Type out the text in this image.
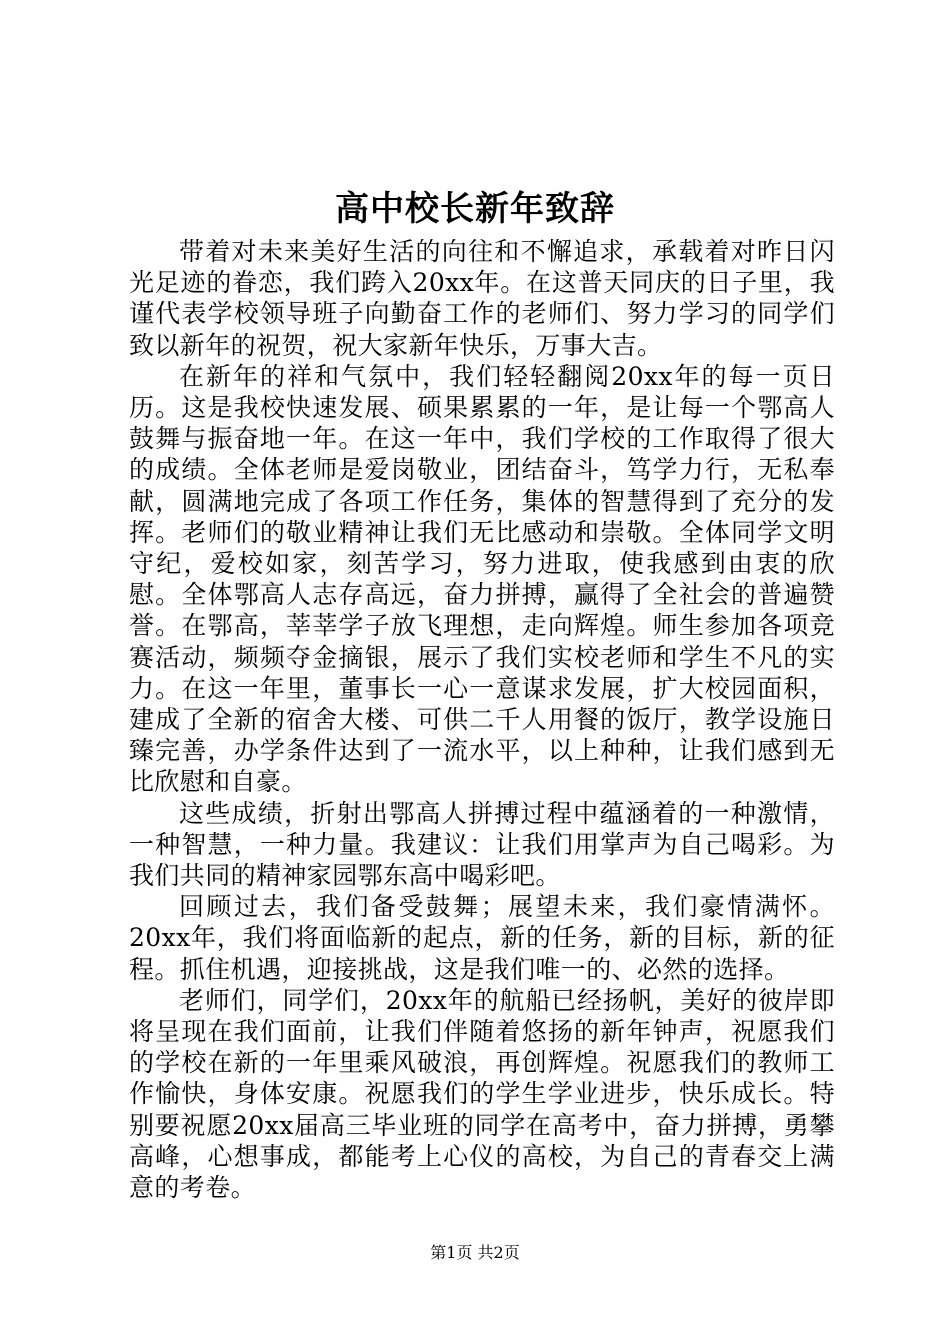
高中校长新年致辞

带着对未来美好生活的向往和不懈追求，承载着对昨日闪光足迹的眷恋，我们跨入20xx年。在这普天同庆的日子里，我谨代表学校领导班子向勤奋工作的老师们、努力学习的同学们致以新年的祝贺，祝大家新年快乐，万事大吉。

在新年的祥和气氛中，我们轻轻翻阅20xx年的每一页日历。这是我校快速发展、硕果累累的一年，是让每一个鄂高人鼓舞与振奋地一年。在这一年中，我们学校的工作取得了很大的成绩。全体老师是爱岗敬业，团结奋斗，笃学力行，无私奉献，圆满地完成了各项工作任务，集体的智慧得到了充分的发挥。老师们的敬业精神让我们无比感动和崇敬。全体同学文明守纪，爱校如家，刻苦学习，努力进取，使我感到由衷的欣慰。全体鄂高人志存高远，奋力拼搏，赢得了全社会的普遍赞誉。在鄂高，莘莘学子放飞理想，走向辉煌。师生参加各项竞赛活动，频频夺金摘银，展示了我们实校老师和学生不凡的实力。在这一年里，董事长一心一意谋求发展，扩大校园面积，建成了全新的宿舍大楼、可供二千人用餐的饭厅，教学设施日臻完善，办学条件达到了一流水平，以上种种，让我们感到无比欣慰和自豪。

这些成绩，折射出鄂高人拼搏过程中蕴涵着的一种激情，一种智慧，一种力量。我建议：让我们用掌声为自己喝彩。为我们共同的精神家园鄂东高中喝彩吧。

回顾过去，我们备受鼓舞；展望未来，我们豪情满怀。20xx年，我们将面临新的起点，新的任务，新的目标，新的征程。抓住机遇，迎接挑战，这是我们唯一的、必然的选择。

老师们，同学们，20xx年的航船已经扬帆，美好的彼岸即将呈现在我们面前，让我们伴随着悠扬的新年钟声，祝愿我们的学校在新的一年里乘风破浪，再创辉煌。祝愿我们的教师工作愉快，身体安康。祝愿我们的学生学业进步，快乐成长。特别要祝愿20xx届高三毕业班的同学在高考中，奋力拼搏，勇攀高峰，心想事成，都能考上心仪的高校，为自己的青春交上满意的考卷。

第1页 共2页
